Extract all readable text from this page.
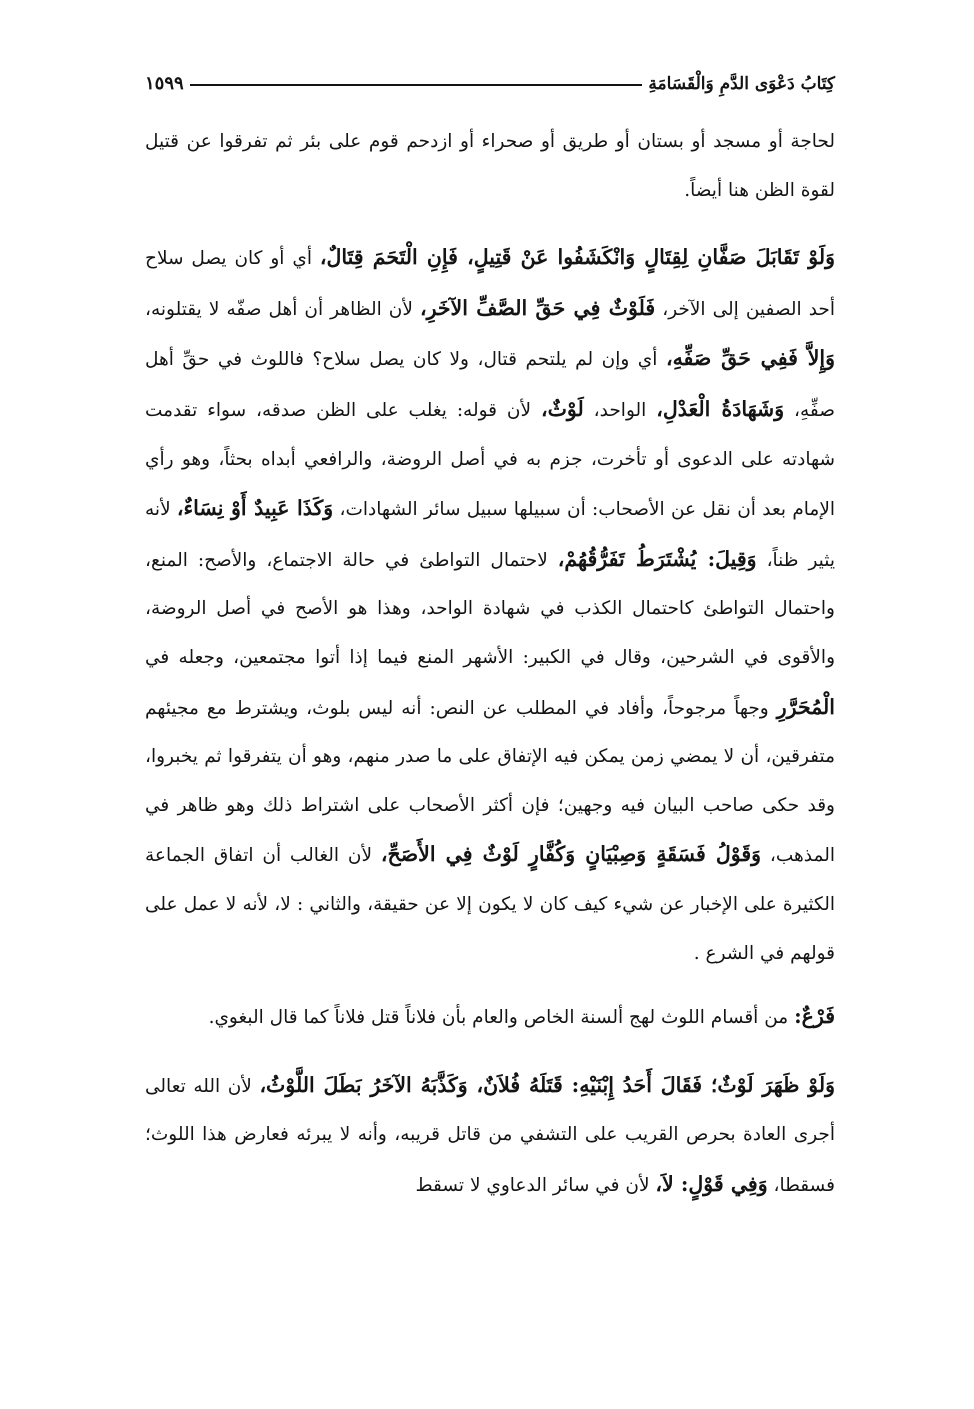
كِتَابُ دَعْوَى الدَّمِ وَالْقَسَامَةِ
١٥٩٩

لحاجة أو مسجد أو بستان أو طريق أو صحراء أو ازدحم قوم على بئر ثم تفرقوا عن قتيل لقوة الظن هنا أيضاً.

وَلَوْ تَقَابَلَ صَفَّانِ لِقِتَالٍ وَانْكَشَفُوا عَنْ قَتِيلٍ، فَإِنِ الْتَحَمَ قِتَالٌ، أي أو كان يصل سلاح أحد الصفين إلى الآخر، فَلَوْثٌ فِي حَقِّ الصَّفِّ الآخَرِ، لأن الظاهر أن أهل صفّه لا يقتلونه، وَإِلاَّ فَفِي حَقِّ صَفِّهِ، أي وإن لم يلتحم قتال، ولا كان يصل سلاح؟ فاللوث في حقِّ أهل صفِّهِ، وَشَهَادَةُ الْعَدْلِ، الواحد، لَوْثٌ، لأن قوله: يغلب على الظن صدقه، سواء تقدمت شهادته على الدعوى أو تأخرت، جزم به في أصل الروضة، والرافعي أبداه بحثاً، وهو رأي الإمام بعد أن نقل عن الأصحاب: أن سبيلها سبيل سائر الشهادات، وَكَذَا عَبِيدٌ أَوْ نِسَاءٌ، لأنه يثير ظناً، وَقِيلَ: يُشْتَرَطُ تَفَرُّقُهُمْ، لاحتمال التواطئ في حالة الاجتماع، والأصح: المنع، واحتمال التواطئ كاحتمال الكذب في شهادة الواحد، وهذا هو الأصح في أصل الروضة، والأقوى في الشرحين، وقال في الكبير: الأشهر المنع فيما إذا أتوا مجتمعين، وجعله في الْمُحَرَّرِ وجهاً مرجوحاً، وأفاد في المطلب عن النص: أنه ليس بلوث، ويشترط مع مجيئهم متفرقين، أن لا يمضي زمن يمكن فيه الإتفاق على ما صدر منهم، وهو أن يتفرقوا ثم يخبروا، وقد حكى صاحب البيان فيه وجهين؛ فإن أكثر الأصحاب على اشتراط ذلك وهو ظاهر في المذهب، وَقَوْلُ فَسَقَةٍ وَصِبْيَانٍ وَكُفَّارٍ لَوْثٌ فِي الأَصَحِّ، لأن الغالب أن اتفاق الجماعة الكثيرة على الإخبار عن شيء كيف كان لا يكون إلا عن حقيقة، والثاني : لا، لأنه لا عمل على قولهم في الشرع .

فَرْعٌ: من أقسام اللوث لهج ألسنة الخاص والعام بأن فلاناً قتل فلاناً كما قال البغوي.

وَلَوْ ظَهَرَ لَوْثٌ؛ فَقَالَ أَحَدُ إِبْنَيْهِ: قَتَلَهُ فُلاَنٌ، وَكَذَّبَهُ الآخَرُ بَطَلَ اللَّوْثُ، لأن الله تعالى أجرى العادة بحرص القريب على التشفي من قاتل قريبه، وأنه لا يبرئه فعارض هذا اللوث؛ فسقطا، وَفِي قَوْلٍ: لاَ، لأن في سائر الدعاوي لا تسقط
